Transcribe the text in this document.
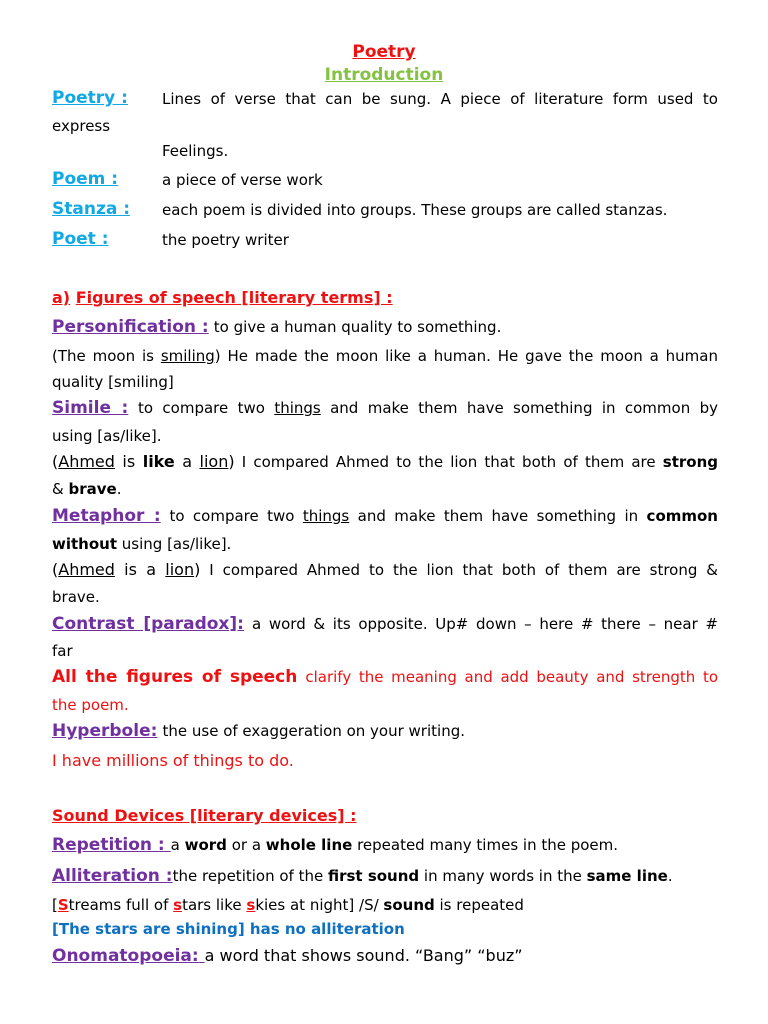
Poetry
Introduction
Poetry : Lines of verse that can be sung. A piece of literature form used to
express
Feelings.
Poem :	a piece of verse work
Stanza : each poem is divided into groups. These groups are called stanzas.
Poet :	the poetry writer
a) Figures of speech [literary terms] :
Personification : to give a human quality to something.
(The moon is smiling) He made the moon like a human. He gave the moon a human
quality [smiling]
Simile : to compare two things and make them have something in common by
using [as/like].
(Ahmed is like a lion) I compared Ahmed to the lion that both of them are strong
& brave.
Metaphor : to compare two things and make them have something in common
without using [as/like].
(Ahmed is a lion) I compared Ahmed to the lion that both of them are strong &
brave.
Contrast [paradox]: a word & its opposite. Up# down – here # there – near #
far
All the figures of speech clarify the meaning and add beauty and strength to
the poem.
Hyperbole: the use of exaggeration on your writing.
I have millions of things to do.
Sound Devices [literary devices] :
Repetition : a word or a whole line repeated many times in the poem.
Alliteration :the repetition of the first sound in many words in the same line.
[Streams full of stars like skies at night] /S/ sound is repeated
[The stars are shining] has no alliteration
Onomatopoeia: a word that shows sound. “Bang” “buz”
